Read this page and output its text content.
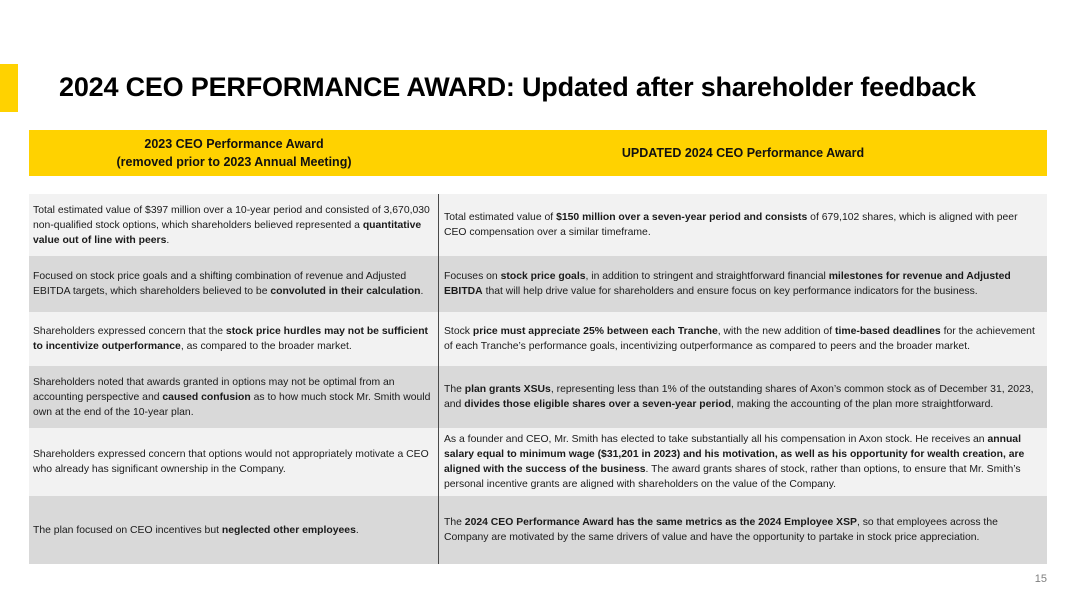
2024 CEO PERFORMANCE AWARD: Updated after shareholder feedback
2023 CEO Performance Award
(removed prior to 2023 Annual Meeting)
UPDATED 2024 CEO Performance Award
Total estimated value of $397 million over a 10-year period and consisted of 3,670,030 non-qualified stock options, which shareholders believed represented a quantitative value out of line with peers.
Total estimated value of $150 million over a seven-year period and consists of 679,102 shares, which is aligned with peer CEO compensation over a similar timeframe.
Focused on stock price goals and a shifting combination of revenue and Adjusted EBITDA targets, which shareholders believed to be convoluted in their calculation.
Focuses on stock price goals, in addition to stringent and straightforward financial milestones for revenue and Adjusted EBITDA that will help drive value for shareholders and ensure focus on key performance indicators for the business.
Shareholders expressed concern that the stock price hurdles may not be sufficient to incentivize outperformance, as compared to the broader market.
Stock price must appreciate 25% between each Tranche, with the new addition of time-based deadlines for the achievement of each Tranche’s performance goals, incentivizing outperformance as compared to peers and the broader market.
Shareholders noted that awards granted in options may not be optimal from an accounting perspective and caused confusion as to how much stock Mr. Smith would own at the end of the 10-year plan.
The plan grants XSUs, representing less than 1% of the outstanding shares of Axon’s common stock as of December 31, 2023, and divides those eligible shares over a seven-year period, making the accounting of the plan more straightforward.
Shareholders expressed concern that options would not appropriately motivate a CEO who already has significant ownership in the Company.
As a founder and CEO, Mr. Smith has elected to take substantially all his compensation in Axon stock. He receives an annual salary equal to minimum wage ($31,201 in 2023) and his motivation, as well as his opportunity for wealth creation, are aligned with the success of the business. The award grants shares of stock, rather than options, to ensure that Mr. Smith’s personal incentive grants are aligned with shareholders on the value of the Company.
The plan focused on CEO incentives but neglected other employees.
The 2024 CEO Performance Award has the same metrics as the 2024 Employee XSP, so that employees across the Company are motivated by the same drivers of value and have the opportunity to partake in stock price appreciation.
15
